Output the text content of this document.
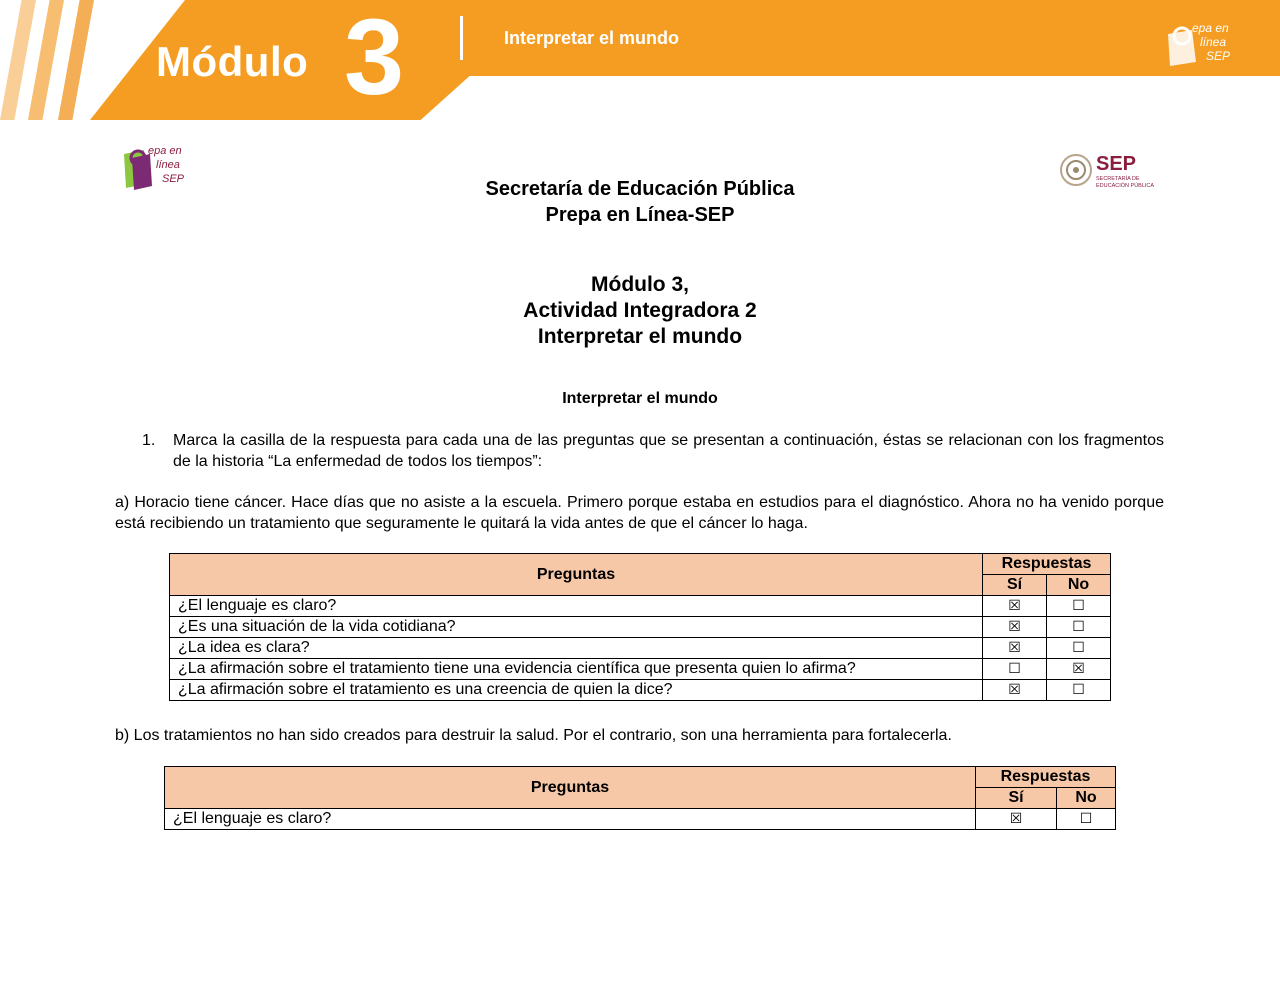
Módulo 3	Interpretar el mundo	epa en
línea
SEP
epa en
línea
SEP
SEP
SECRETARÍA DE
EDUCACIÓN PÚBLICA
Secretaría de Educación Pública
Prepa en Línea-SEP
Módulo 3,
Actividad Integradora 2
Interpretar el mundo
Interpretar el mundo
1. Marca la casilla de la respuesta para cada una de las preguntas que se presentan a continuación, éstas se relacionan con los fragmentos de la historia “La enfermedad de todos los tiempos”:
a) Horacio tiene cáncer. Hace días que no asiste a la escuela. Primero porque estaba en estudios para el diagnóstico. Ahora no ha venido porque está recibiendo un tratamiento que seguramente le quitará la vida antes de que el cáncer lo haga.
Preguntas	Respuestas	
	Sí	No
¿El lenguaje es claro?	☒	☐
¿Es una situación de la vida cotidiana?	☒	☐
¿La idea es clara?	☒	☐
¿La afirmación sobre el tratamiento tiene una evidencia científica que presenta quien lo afirma?	☐	☒
¿La afirmación sobre el tratamiento es una creencia de quien la dice?	☒	☐
b) Los tratamientos no han sido creados para destruir la salud. Por el contrario, son una herramienta para fortalecerla.
Preguntas	Respuestas	
	Sí	No
¿El lenguaje es claro?	☒	☐
